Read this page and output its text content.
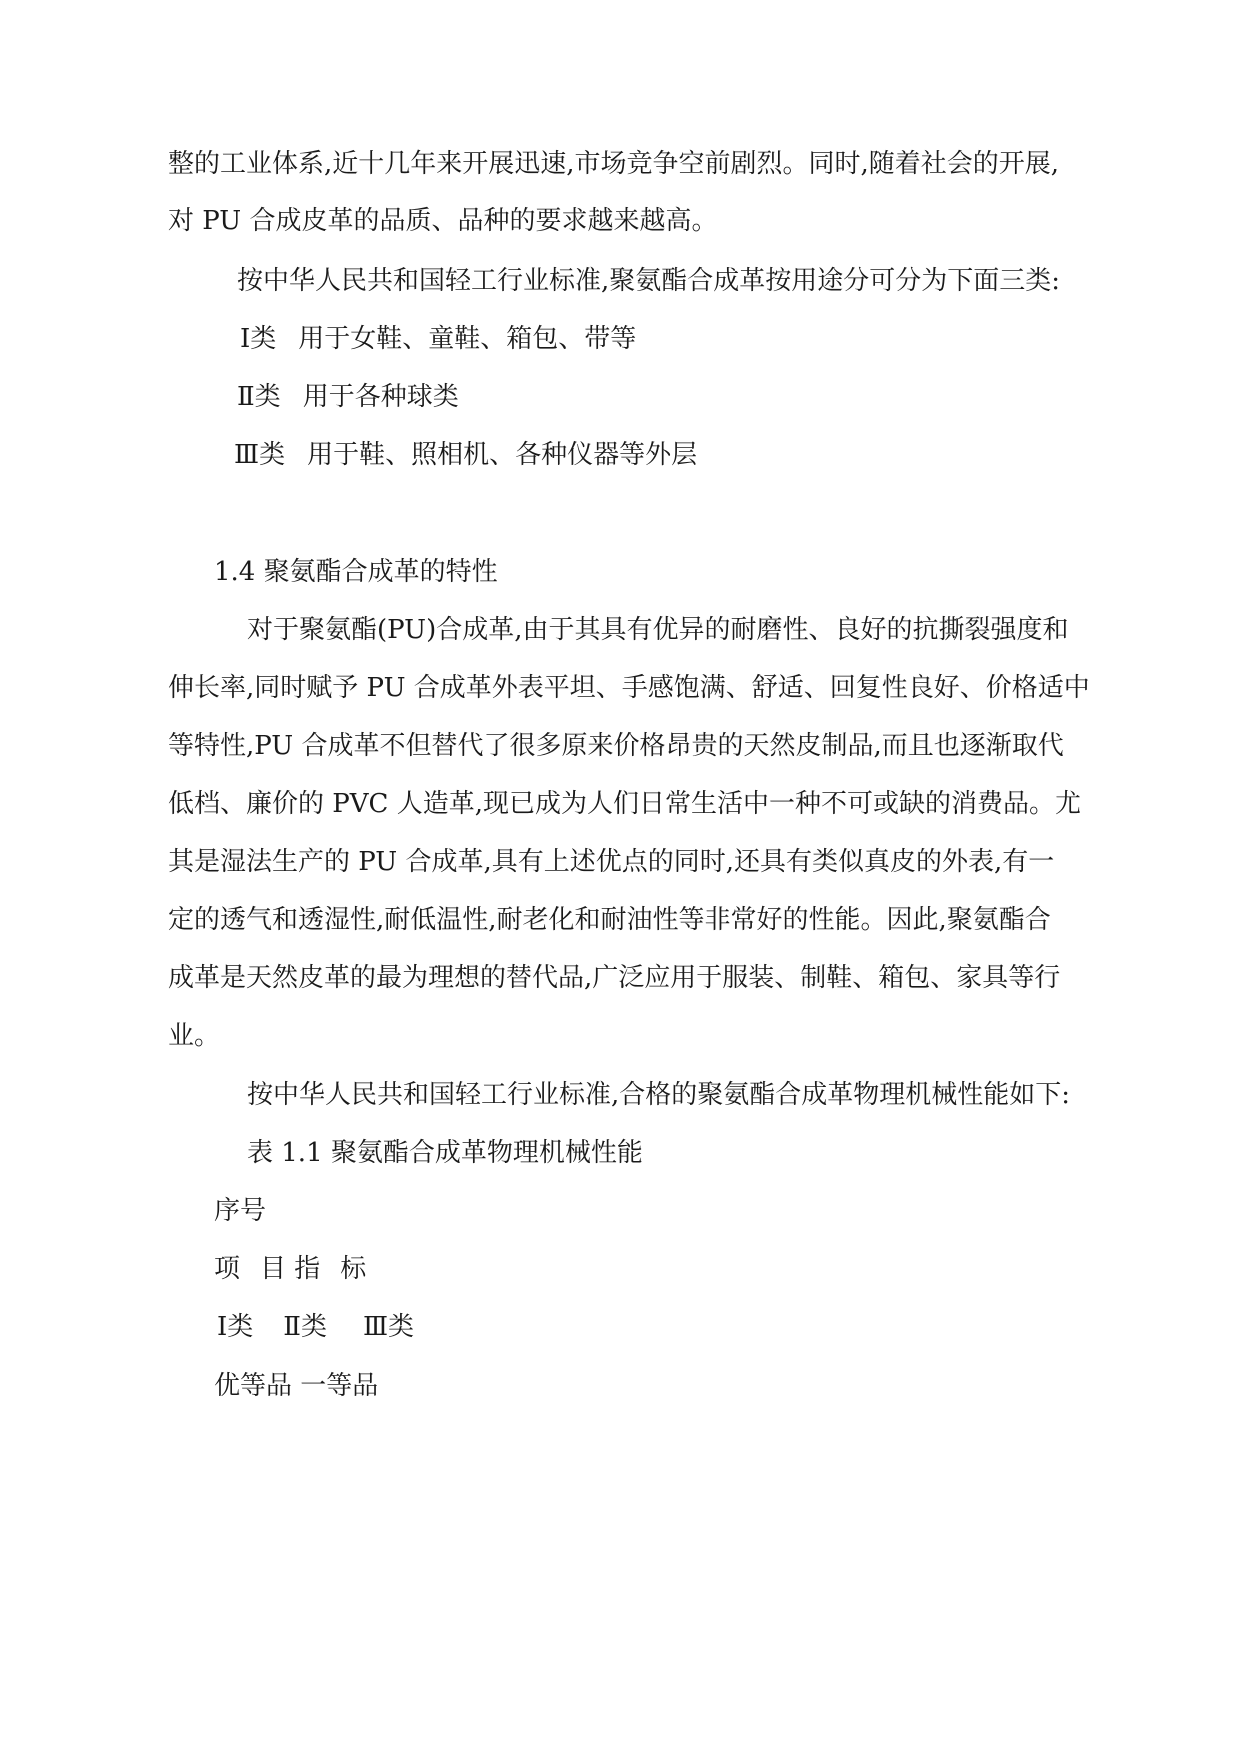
整的工业体系,近十几年来开展迅速,市场竞争空前剧烈。同时,随着社会的开展,
对 PU 合成皮革的品质、品种的要求越来越高。
按中华人民共和国轻工行业标准,聚氨酯合成革按用途分可分为下面三类:
Ⅰ类 用于女鞋、童鞋、箱包、带等
Ⅱ类 用于各种球类
Ⅲ类 用于鞋、照相机、各种仪器等外层
1.4 聚氨酯合成革的特性
对于聚氨酯(PU)合成革,由于其具有优异的耐磨性、良好的抗撕裂强度和
伸长率,同时赋予 PU 合成革外表平坦、手感饱满、舒适、回复性良好、价格适中
等特性,PU 合成革不但替代了很多原来价格昂贵的天然皮制品,而且也逐渐取代
低档、廉价的 PVC 人造革,现已成为人们日常生活中一种不可或缺的消费品。尤
其是湿法生产的 PU 合成革,具有上述优点的同时,还具有类似真皮的外表,有一
定的透气和透湿性,耐低温性,耐老化和耐油性等非常好的性能。因此,聚氨酯合
成革是天然皮革的最为理想的替代品,广泛应用于服装、制鞋、箱包、家具等行
业。
按中华人民共和国轻工行业标准,合格的聚氨酯合成革物理机械性能如下:
表 1.1 聚氨酯合成革物理机械性能
序号
项 目 指 标
Ⅰ类 Ⅱ类 Ⅲ类
优等品 一等品
